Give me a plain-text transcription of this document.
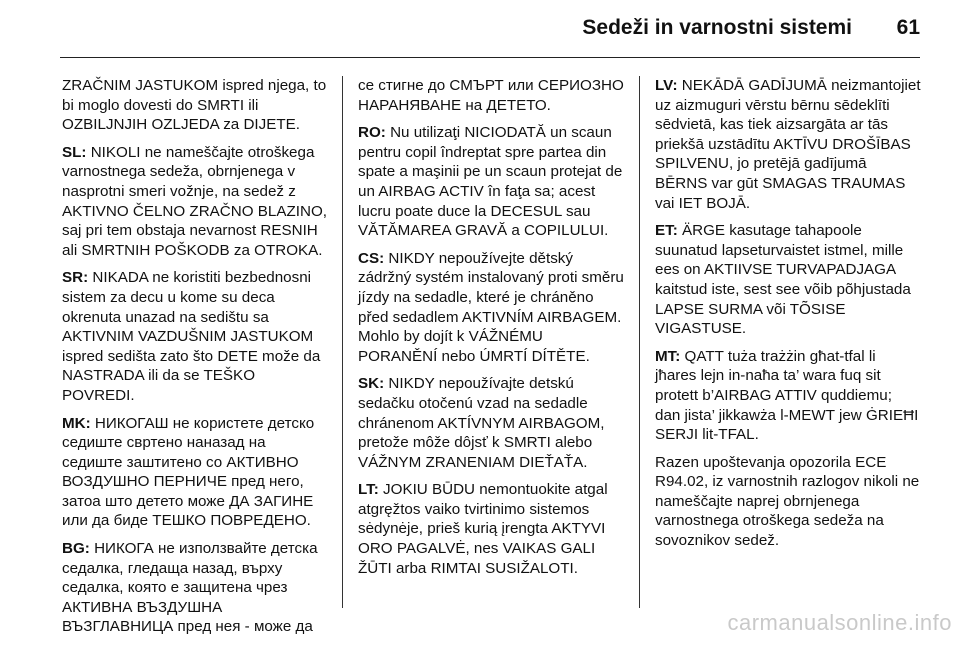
Sedeži in varnostni sistemi 61

ZRAČNIM JASTUKOM ispred njega, to bi moglo dovesti do SMRTI ili OZBILJNJIH OZLJEDA za DIJETE.

SL: NIKOLI ne nameščajte otroškega varnostnega sedeža, obrnjenega v nasprotni smeri vožnje, na sedež z AKTIVNO ČELNO ZRAČNO BLAZINO, saj pri tem obstaja nevarnost RESNIH ali SMRTNIH POŠKODB za OTROKA.

SR: NIKADA ne koristiti bezbednosni sistem za decu u kome su deca okrenuta unazad na sedištu sa AKTIVNIM VAZDUŠNIM JASTUKOM ispred sedišta zato što DETE može da NASTRADA ili da se TEŠKO POVREDI.

MK: НИКОГАШ не користете детско седиште свртено наназад на седиште заштитено со АКТИВНО ВОЗДУШНО ПЕРНИЧЕ пред него, затоа што детето може ДА ЗАГИНЕ или да биде ТЕШКО ПОВРЕДЕНО.

BG: НИКОГА не използвайте детска седалка, гледаща назад, върху седалка, която е защитена чрез АКТИВНА ВЪЗДУШНА ВЪЗГЛАВНИЦА пред нея - може да

се стигне до СМЪРТ или СЕРИОЗНО НАРАНЯВАНЕ на ДЕТЕТО.

RO: Nu utilizaţi NICIODATĂ un scaun pentru copil îndreptat spre partea din spate a maşinii pe un scaun protejat de un AIRBAG ACTIV în faţa sa; acest lucru poate duce la DECESUL sau VĂTĂMAREA GRAVĂ a COPILULUI.

CS: NIKDY nepoužívejte dětský zádržný systém instalovaný proti směru jízdy na sedadle, které je chráněno před sedadlem AKTIVNÍM AIRBAGEM. Mohlo by dojít k VÁŽNÉMU PORANĚNÍ nebo ÚMRTÍ DÍTĚTE.

SK: NIKDY nepoužívajte detskú sedačku otočenú vzad na sedadle chránenom AKTÍVNYM AIRBAGOM, pretože môže dôjsť k SMRTI alebo VÁŽNYM ZRANENIAM DIEŤAŤA.

LT: JOKIU BŪDU nemontuokite atgal atgręžtos vaiko tvirtinimo sistemos sėdynėje, prieš kurią įrengta AKTYVI ORO PAGALVĖ, nes VAIKAS GALI ŽŪTI arba RIMTAI SUSIŽALOTI.

LV: NEKĀDĀ GADĪJUMĀ neizmantojiet uz aizmuguri vērstu bērnu sēdeklīti sēdvietā, kas tiek aizsargāta ar tās priekšā uzstādītu AKTĪVU DROŠĪBAS SPILVENU, jo pretējā gadījumā BĒRNS var gūt SMAGAS TRAUMAS vai IET BOJĀ.

ET: ÄRGE kasutage tahapoole suunatud lapseturvaistet istmel, mille ees on AKTIIVSE TURVAPADJAGA kaitstud iste, sest see võib põhjustada LAPSE SURMA või TÕSISE VIGASTUSE.

MT: QATT tuża trażżin għat-tfal li jħares lejn in-naħa ta’ wara fuq sit protett b’AIRBAG ATTIV quddiemu; dan jista’ jikkawża l-MEWT jew ĠRIEĦI SERJI lit-TFAL.

Razen upoštevanja opozorila ECE R94.02, iz varnostnih razlogov nikoli ne nameščajte naprej obrnjenega varnostnega otroškega sedeža na sovoznikov sedež.

carmanualsonline.info
